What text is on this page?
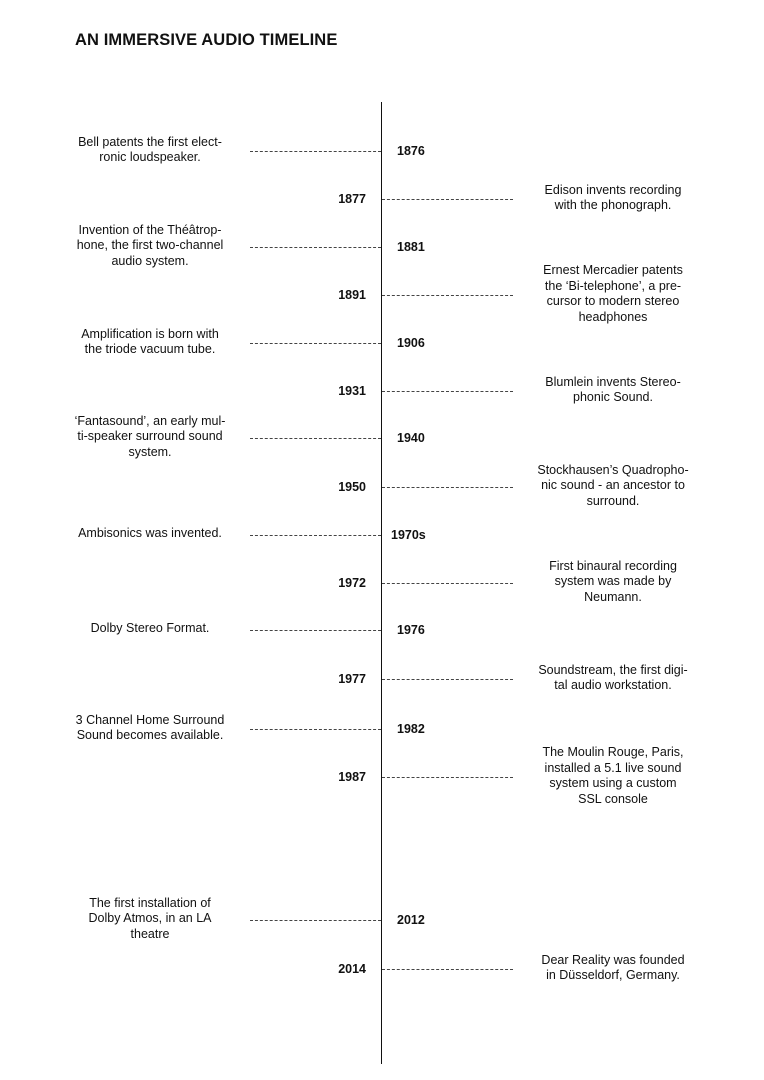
AN IMMERSIVE AUDIO TIMELINE
1876
Bell patents the first elect-
ronic loudspeaker.
1877
Edison invents recording
with the phonograph.
1881
Invention of the Théâtrop-
hone, the first two-channel
audio system.
1891
Ernest Mercadier patents
the ‘Bi-telephone’, a pre-
cursor to modern stereo
headphones
1906
Amplification is born with
the triode vacuum tube.
1931
Blumlein invents Stereo-
phonic Sound.
1940
‘Fantasound’, an early mul-
ti-speaker surround sound
system.
1950
Stockhausen’s Quadropho-
nic sound - an ancestor to
surround.
1970s
Ambisonics was invented.
1972
First binaural recording
system was made by
Neumann.
1976
Dolby Stereo Format.
1977
Soundstream, the first digi-
tal audio workstation.
1982
3 Channel Home Surround
Sound becomes available.
1987
The Moulin Rouge, Paris,
installed a 5.1 live sound
system using a custom
SSL console
2012
The first installation of
Dolby Atmos, in an LA
theatre
2014
Dear Reality was founded
in Düsseldorf, Germany.
